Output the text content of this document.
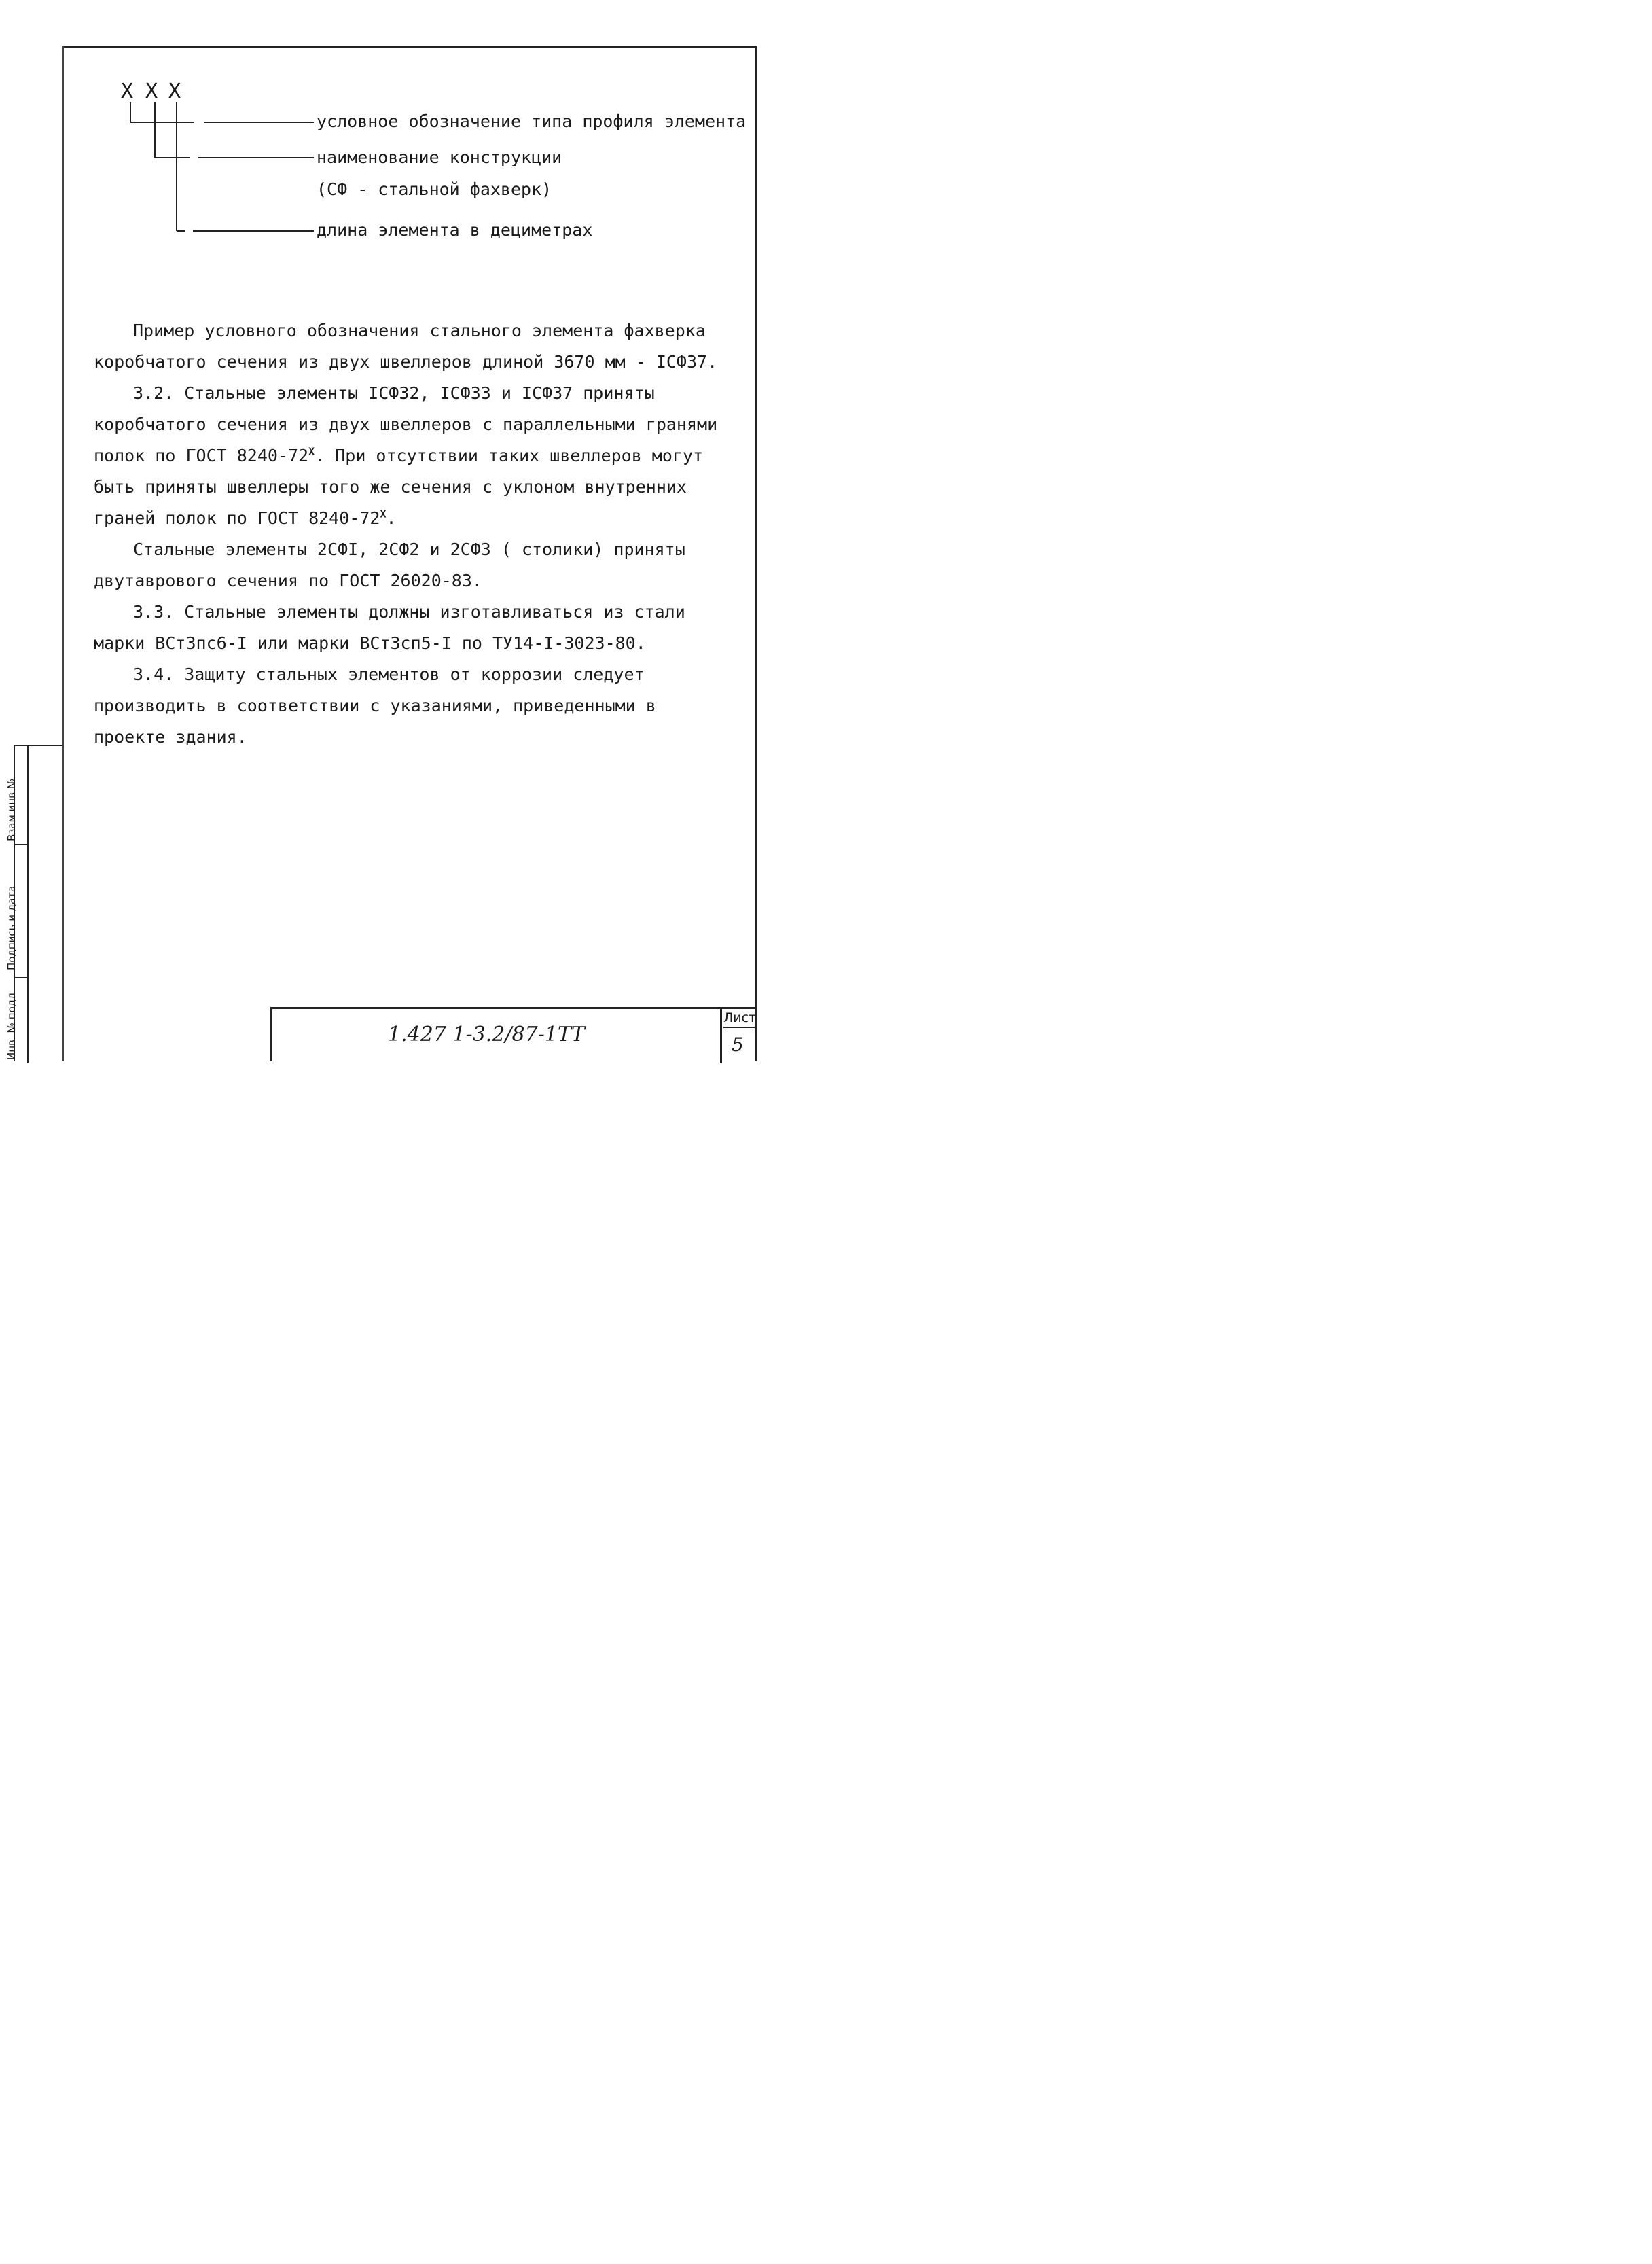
X X X
условное обозначение типа профиля элемента
наименование конструкции
(СФ - стальной фахверк)
длина элемента в дециметрах

Пример условного обозначения стального элемента фахверка коробчатого сечения из двух швеллеров длиной 3670 мм - IСФ37.

3.2. Стальные элементы IСФ32, IСФ33 и IСФ37 приняты коробчатого сечения из двух швеллеров с параллельными гранями полок по ГОСТ $8240-72^X$. При отсутствии таких швеллеров могут быть приняты швеллеры того же сечения с уклоном внутренних граней полок по ГОСТ $8240-72^X$.

Стальные элементы 2СФI, 2СФ2 и 2СФ3 ( столики) приняты двутаврового сечения по ГОСТ 26020-83.

3.3. Стальные элементы должны изготавливаться из стали марки ВСт3пс6-I или марки ВСт3сп5-I по ТУ14-I-3023-80.

3.4. Защиту стальных элементов от коррозии следует производить в соответствии с указаниями, приведенными в проекте здания.

Взам инв №
Подпись и дата
Инв. № подл	1.427 1-3.2/87-1ТТ
Лист
5
